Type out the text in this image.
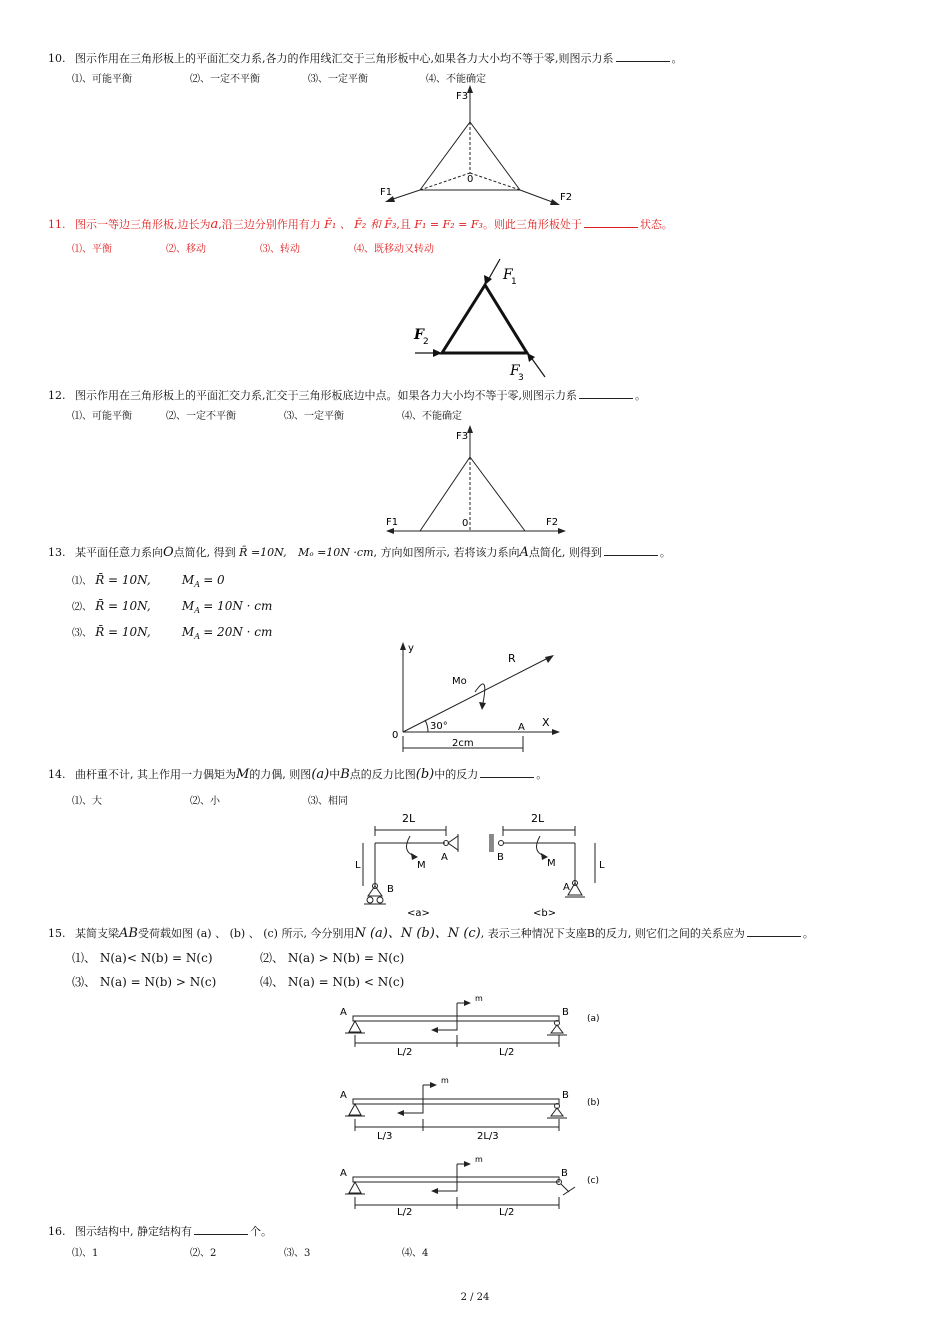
10. 图示作用在三角形板上的平面汇交力系,各力的作用线汇交于三角形板中心,如果各力大小均不等于零,则图示力系	。
⑴、可能平衡	⑵、一定不平衡	⑶、一定平衡	⑷、不能确定
F3
F1	F2
0
11. 图示一等边三角形板,边长为a,沿三边分别作用有力 F̄₁ 、 F̄₂ 和 F̄₃,且 F₁ = F₂ = F₃。则此三角形板处于	状态。
⑴、平衡	⑵、移动	⑶、转动	⑷、既移动又转动
F
1
F 2
F
3
12. 图示作用在三角形板上的平面汇交力系,汇交于三角形板底边中点。如果各力大小均不等于零,则图示力系	。
⑴、可能平衡	⑵、一定不平衡	⑶、一定平衡	⑷、不能确定
F3
F1	F2
0
13. 某平面任意力系向O点简化, 得到 R̄ =10N, Mₒ =10N ·cm, 方向如图所示, 若将该力系向A点简化, 则得到	。
⑴、 R̄ = 10N,	$M_A = 0$
⑵、 R̄ = 10N,	$M_A = 10N$ · cm
⑶、 R̄ = 10N,	$M_A = 20N$ · cm
y
X
R
Mo
30°
0
A
2cm
14. 曲杆重不计, 其上作用一力偶矩为M的力偶, 则图(a)中B点的反力比图(b)中的反力	。
⑴、大	⑵、小	⑶、相同
2L
L	M
A
B
<a>
2L
L
M
B
A
<b>
15. 某简支梁AB受荷载如图 (a) 、 (b) 、 (c) 所示, 今分别用N (a)、N (b)、N (c), 表示三种情况下支座B的反力, 则它们之间的关系应为	。
⑴、 N(a)< N(b) = N(c)	⑵、 N(a) > N(b) = N(c)
⑶、 N(a) = N(b) > N(c)	⑷、 N(a) = N(b) < N(c)
A	B
m
L/2	L/2
(a)
A	B
m
L/3	2L/3
(b)
A	B
m
L/2	L/2
(c)
16. 图示结构中, 静定结构有	个。
⑴、1	⑵、2	⑶、3	⑷、4
2 / 24
